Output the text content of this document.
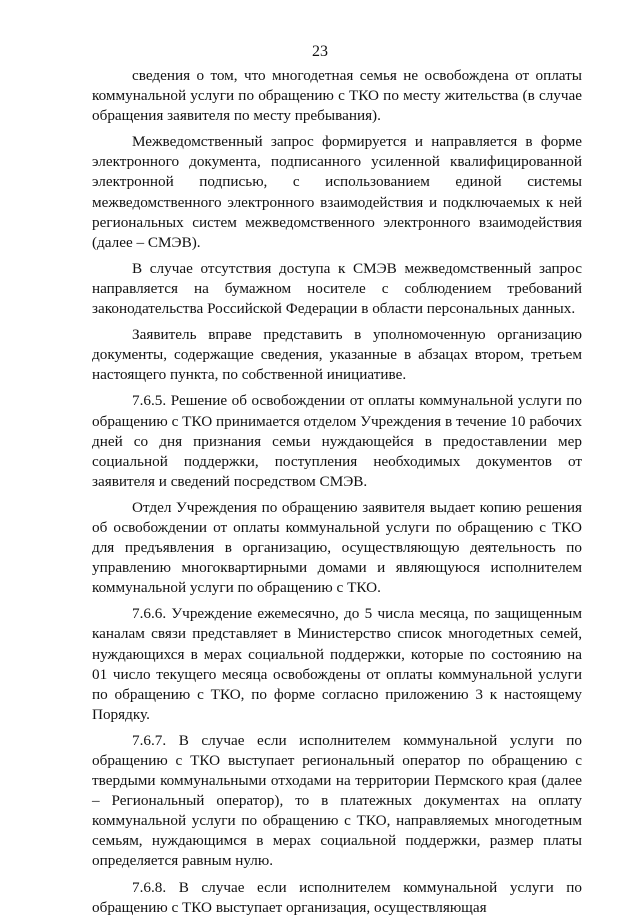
23

сведения о том, что многодетная семья не освобождена от оплаты коммунальной услуги по обращению с ТКО по месту жительства (в случае обращения заявителя по месту пребывания).

Межведомственный запрос формируется и направляется в форме электронного документа, подписанного усиленной квалифицированной электронной подписью, с использованием единой системы межведомственного электронного взаимодействия и подключаемых к ней региональных систем межведомственного электронного взаимодействия (далее – СМЭВ).

В случае отсутствия доступа к СМЭВ межведомственный запрос направляется на бумажном носителе с соблюдением требований законодательства Российской Федерации в области персональных данных.

Заявитель вправе представить в уполномоченную организацию документы, содержащие сведения, указанные в абзацах втором, третьем настоящего пункта, по собственной инициативе.

7.6.5. Решение об освобождении от оплаты коммунальной услуги по обращению с ТКО принимается отделом Учреждения в течение 10 рабочих дней со дня признания семьи нуждающейся в предоставлении мер социальной поддержки, поступления необходимых документов от заявителя и сведений посредством СМЭВ.

Отдел Учреждения по обращению заявителя выдает копию решения об освобождении от оплаты коммунальной услуги по обращению с ТКО для предъявления в организацию, осуществляющую деятельность по управлению многоквартирными домами и являющуюся исполнителем коммунальной услуги по обращению с ТКО.

7.6.6. Учреждение ежемесячно, до 5 числа месяца, по защищенным каналам связи представляет в Министерство список многодетных семей, нуждающихся в мерах социальной поддержки, которые по состоянию на 01 число текущего месяца освобождены от оплаты коммунальной услуги по обращению с ТКО, по форме согласно приложению 3 к настоящему Порядку.

7.6.7. В случае если исполнителем коммунальной услуги по обращению с ТКО выступает региональный оператор по обращению с твердыми коммунальными отходами на территории Пермского края (далее – Региональный оператор), то в платежных документах на оплату коммунальной услуги по обращению с ТКО, направляемых многодетным семьям, нуждающимся в мерах социальной поддержки, размер платы определяется равным нулю.

7.6.8. В случае если исполнителем коммунальной услуги по обращению с ТКО выступает организация, осуществляющая
